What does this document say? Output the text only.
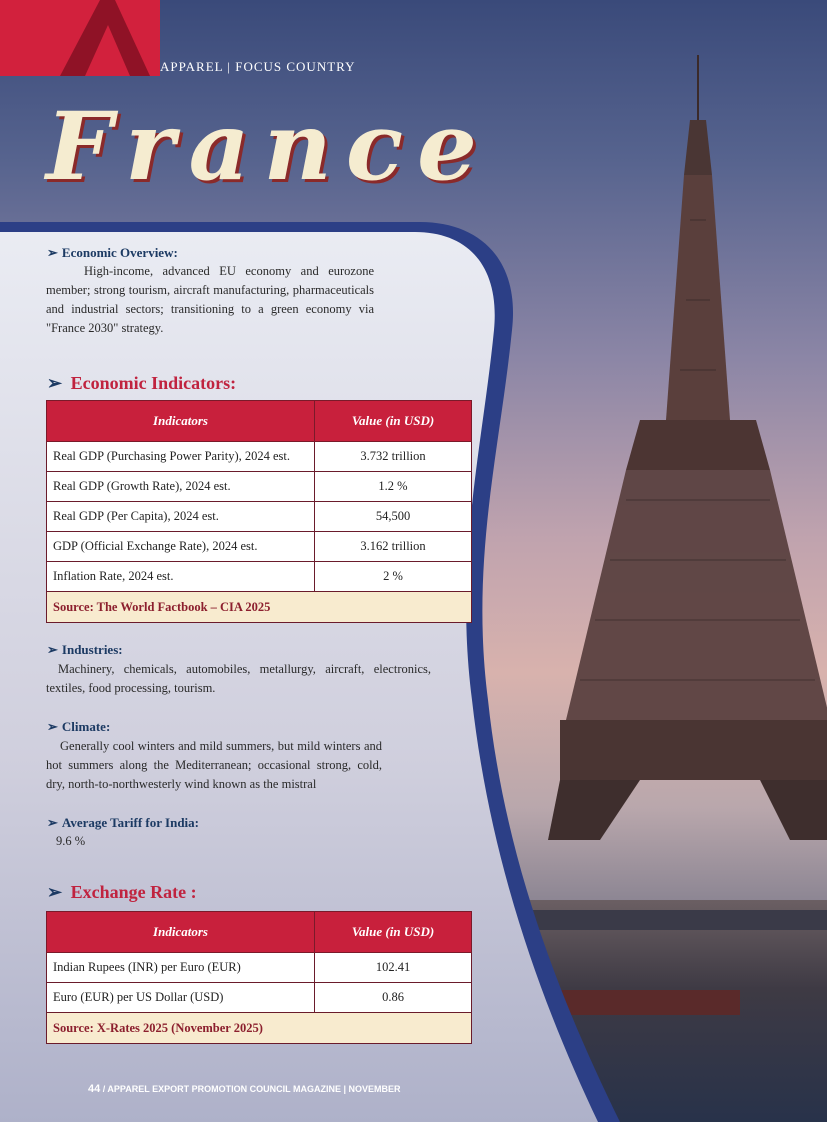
APPAREL | FOCUS COUNTRY
France
➢ Economic Overview:
High-income, advanced EU economy and eurozone member; strong tourism, aircraft manufacturing, pharmaceuticals and industrial sectors; transitioning to a green economy via "France 2030" strategy.
➢ Economic Indicators:
Indicators	Value (in USD)
Real GDP (Purchasing Power Parity), 2024 est.	3.732 trillion
Real GDP (Growth Rate), 2024 est.	1.2 %
Real GDP (Per Capita), 2024 est.	54,500
GDP (Official Exchange Rate), 2024 est.	3.162 trillion
Inflation Rate, 2024 est.	2 %
Source: The World Factbook – CIA 2025	
➢ Industries:
Machinery, chemicals, automobiles, metallurgy, aircraft, electronics, textiles, food processing, tourism.
➢ Climate:
Generally cool winters and mild summers, but mild winters and hot summers along the Mediterranean; occasional strong, cold, dry, north-to-northwesterly wind known as the mistral
➢ Average Tariff for India:
9.6 %
➢ Exchange Rate :
Indicators	Value (in USD)
Indian Rupees (INR) per Euro (EUR)	102.41
Euro (EUR) per US Dollar (USD)	0.86
Source: X-Rates 2025 (November 2025)	
44 / APPAREL EXPORT PROMOTION COUNCIL MAGAZINE | NOVEMBER
